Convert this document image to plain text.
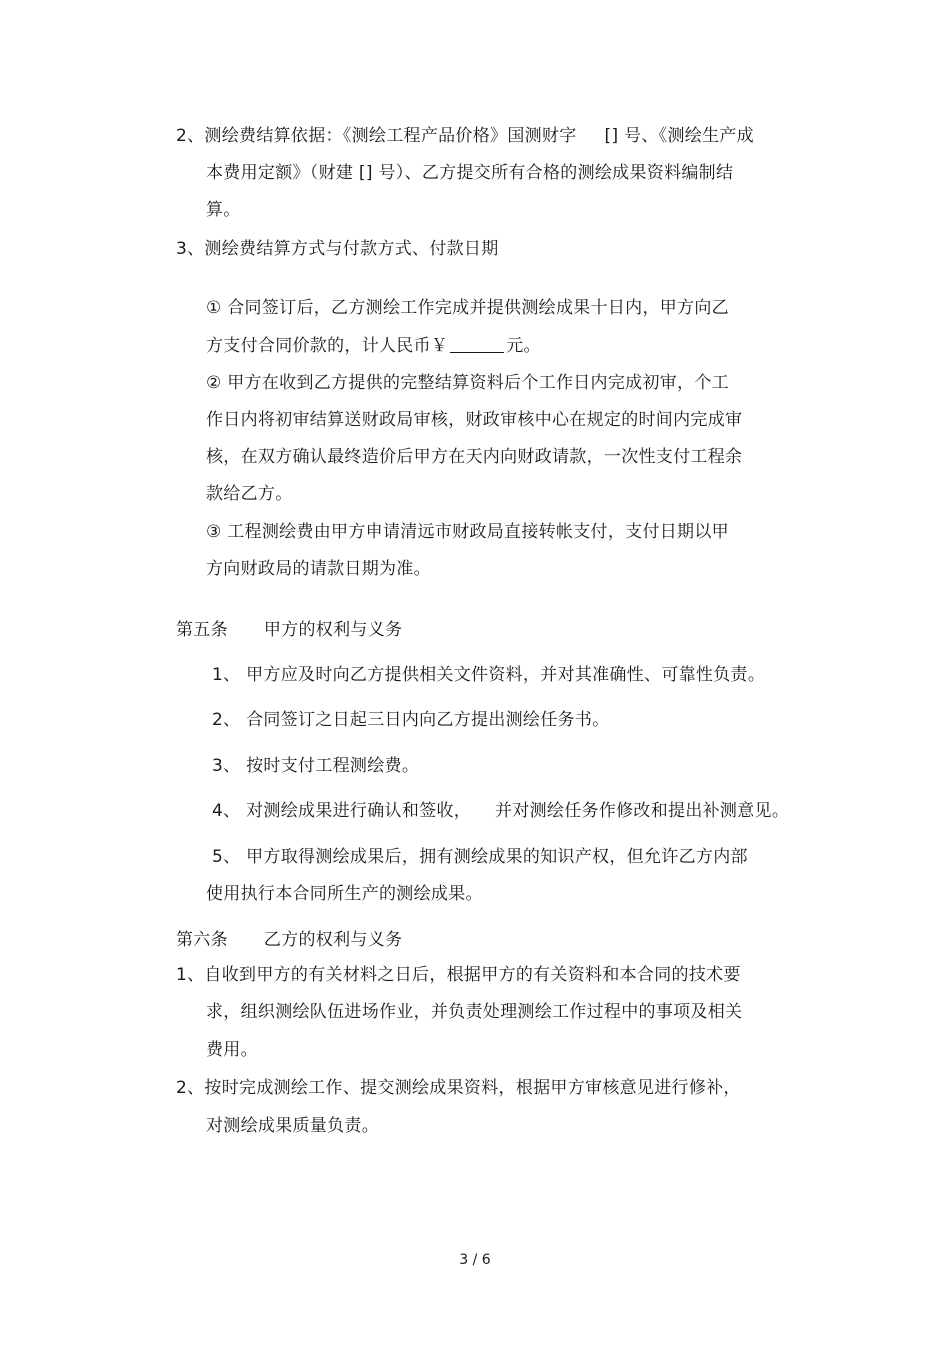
2、测绘费结算依据：《测绘工程产品价格》国测财字 [] 号、《测绘生产成
本费用定额》（财建 [] 号）、乙方提交所有合格的测绘成果资料编制结
算。
3、测绘费结算方式与付款方式、付款日期
① 合同签订后，乙方测绘工作完成并提供测绘成果十日内，甲方向乙
方支付合同价款的，计人民币￥	元。
② 甲方在收到乙方提供的完整结算资料后个工作日内完成初审，个工
作日内将初审结算送财政局审核，财政审核中心在规定的时间内完成审
核，在双方确认最终造价后甲方在天内向财政请款，一次性支付工程余
款给乙方。
③ 工程测绘费由甲方申请清远市财政局直接转帐支付，支付日期以甲
方向财政局的请款日期为准。
第五条 甲方的权利与义务
1、 甲方应及时向乙方提供相关文件资料，并对其准确性、可靠性负责。
2、 合同签订之日起三日内向乙方提出测绘任务书。
3、 按时支付工程测绘费。
4、 对测绘成果进行确认和签收， 并对测绘任务作修改和提出补测意见。
5、 甲方取得测绘成果后，拥有测绘成果的知识产权，但允许乙方内部
使用执行本合同所生产的测绘成果。
第六条 乙方的权利与义务
1、自收到甲方的有关材料之日后，根据甲方的有关资料和本合同的技术要
求，组织测绘队伍进场作业，并负责处理测绘工作过程中的事项及相关
费用。
2、按时完成测绘工作、提交测绘成果资料，根据甲方审核意见进行修补，
对测绘成果质量负责。
3 / 6
